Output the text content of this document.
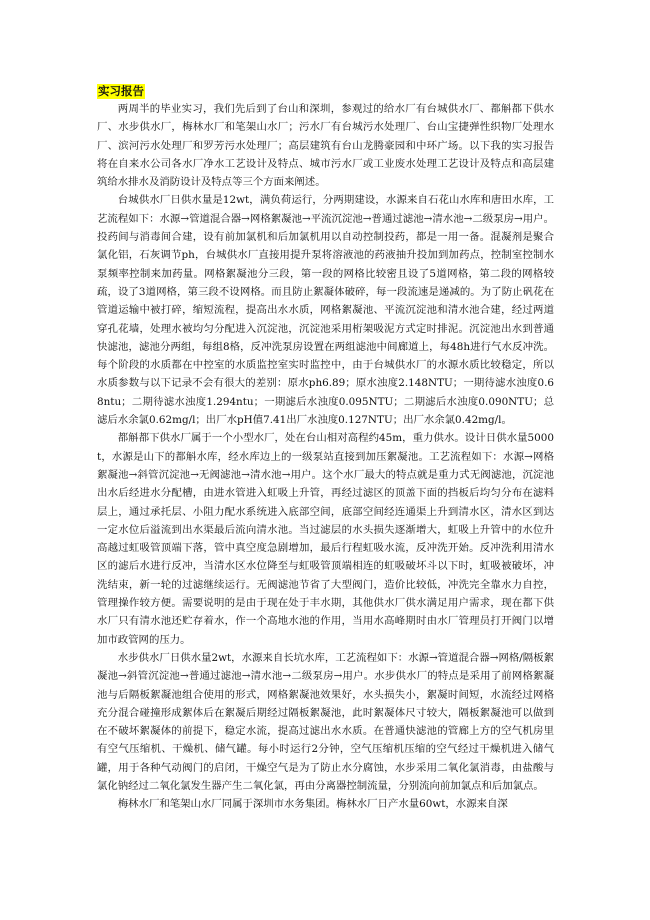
实习报告

两周半的毕业实习，我们先后到了台山和深圳，参观过的给水厂有台城供水厂、都斛都下供水厂、水步供水厂，梅林水厂和笔架山水厂；污水厂有台城污水处理厂、台山宝捷弹性织物厂处理水厂、滨河污水处理厂和罗芳污水处理厂；高层建筑有台山龙腾豪园和中环广场。以下我的实习报告将在自来水公司各水厂净水工艺设计及特点、城市污水厂或工业废水处理工艺设计及特点和高层建筑给水排水及消防设计及特点等三个方面来阐述。

台城供水厂日供水量是12wt，满负荷运行，分两期建设，水源来自石花山水库和唐田水库，工艺流程如下：水源→管道混合器→网格絮凝池→平流沉淀池→普通过滤池→清水池→二级泵房→用户。投药间与消毒间合建，设有前加氯机和后加氯机用以自动控制投药，都是一用一备。混凝剂是聚合氯化铝，石灰调节ph，台城供水厂直接用提升泵将溶液池的药液抽升投加到加药点，控制室控制水泵频率控制来加药量。网格絮凝池分三段，第一段的网格比较密且设了5道网格，第二段的网格较疏，设了3道网格，第三段不设网格。而且防止絮凝体破碎，每一段流速是递减的。为了防止矾花在管道运输中被打碎，缩短流程，提高出水水质，网格絮凝池、平流沉淀池和清水池合建，经过两道穿孔花墙，处理水被均匀分配进入沉淀池，沉淀池采用桁架吸泥方式定时排泥。沉淀池出水到普通快滤池，滤池分两组，每组8格，反冲洗泵房设置在两组滤池中间廊道上，每48h进行气水反冲洗。每个阶段的水质都在中控室的水质监控室实时监控中，由于台城供水厂的水源水质比较稳定，所以水质参数与以下记录不会有很大的差别：原水ph6.89；原水浊度2.148NTU；一期待滤水浊度0.68ntu；二期待滤水浊度1.294ntu；一期滤后水浊度0.095NTU；二期滤后水浊度0.090NTU；总滤后水余氯0.62mg/l；出厂水pH值7.41出厂水浊度0.127NTU；出厂水余氯0.42mg/l。

都斛都下供水厂属于一个小型水厂，处在台山相对高程约45m，重力供水。设计日供水量5000t，水源是山下的都斛水库，经水库边上的一级泵站直接到加压絮凝池。工艺流程如下：水源→网格絮凝池→斜管沉淀池→无阀滤池→清水池→用户。这个水厂最大的特点就是重力式无阀滤池，沉淀池出水后经进水分配槽，由进水管进入虹吸上升管，再经过滤区的顶盖下面的挡板后均匀分布在滤料层上，通过承托层、小阻力配水系统进入底部空间，底部空间经连通渠上升到清水区，清水区到达一定水位后溢流到出水渠最后流向清水池。当过滤层的水头损失逐渐增大，虹吸上升管中的水位升高越过虹吸管顶端下落，管中真空度急剧增加，最后行程虹吸水流，反冲洗开始。反冲洗利用清水区的滤后水进行反冲，当清水区水位降至与虹吸管顶端相连的虹吸破坏斗以下时，虹吸被破坏，冲洗结束，新一轮的过滤继续运行。无阀滤池节省了大型阀门，造价比较低，冲洗完全靠水力自控，管理操作较方便。需要说明的是由于现在处于丰水期，其他供水厂供水满足用户需求，现在都下供水厂只有清水池还贮存着水，作一个高地水池的作用，当用水高峰期时由水厂管理员打开阀门以增加市政管网的压力。

水步供水厂日供水量2wt，水源来自长坑水库，工艺流程如下：水源→管道混合器→网格/隔板絮凝池→斜管沉淀池→普通过滤池→清水池→二级泵房→用户。水步供水厂的特点是采用了前网格絮凝池与后隔板絮凝池组合使用的形式，网格絮凝池效果好，水头损失小，絮凝时间短，水流经过网格充分混合碰撞形成絮体后在絮凝后期经过隔板絮凝池，此时絮凝体尺寸较大，隔板絮凝池可以做到在不破坏絮凝体的前提下，稳定水流，提高过滤出水水质。在普通快滤池的管廊上方的空气机房里有空气压缩机、干燥机、储气罐。每小时运行2分钟，空气压缩机压缩的空气经过干燥机进入储气罐，用于各种气动阀门的启闭，干燥空气是为了防止水分腐蚀，水步采用二氧化氯消毒，由盐酸与氯化钠经过二氧化氯发生器产生二氧化氯，再由分离器控制流量，分别流向前加氯点和后加氯点。

梅林水厂和笔架山水厂同属于深圳市水务集团。梅林水厂日产水量60wt，水源来自深
